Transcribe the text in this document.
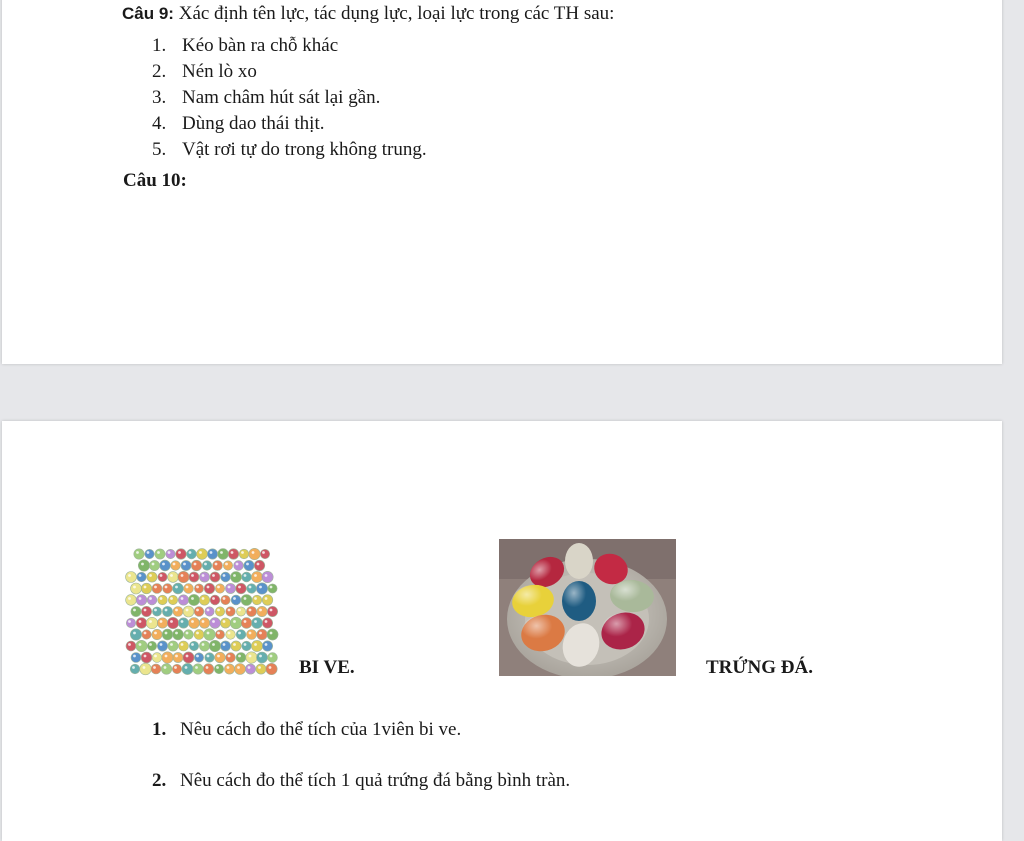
Câu 9: Xác định tên lực, tác dụng lực, loại lực trong các TH sau:
1. Kéo bàn ra chỗ khác
2. Nén lò xo
3. Nam châm hút sát lại gần.
4. Dùng dao thái thịt.
5. Vật rơi tự do trong không trung.
Câu 10:
BI VE.	TRỨNG ĐÁ.
1. Nêu cách đo thể tích của 1viên bi ve.
2. Nêu cách đo thể tích 1 quả trứng đá bằng bình tràn.
